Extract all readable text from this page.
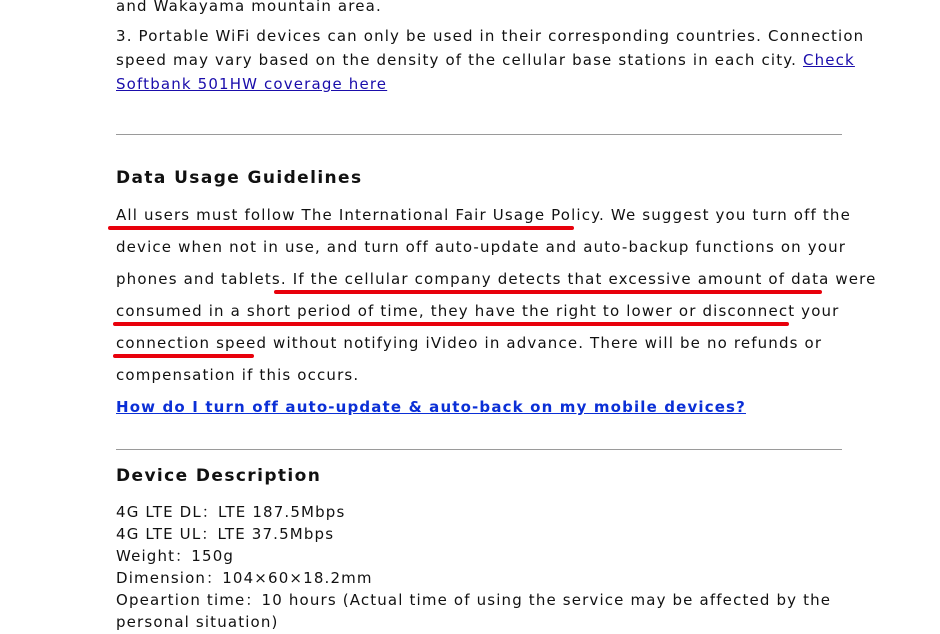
and Wakayama mountain area.

3. Portable WiFi devices can only be used in their corresponding countries. Connection

speed may vary based on the density of the cellular base stations in each city. Check

Softbank 501HW coverage here

Data Usage Guidelines

All users must follow The International Fair Usage Policy. We suggest you turn off the

device when not in use, and turn off auto-update and auto-backup functions on your

phones and tablets. If the cellular company detects that excessive amount of data were

consumed in a short period of time, they have the right to lower or disconnect your

connection speed without notifying iVideo in advance. There will be no refunds or

compensation if this occurs.

How do I turn off auto-update & auto-back on my mobile devices?

Device Description

4G LTE DL：LTE 187.5Mbps

4G LTE UL：LTE 37.5Mbps

Weight：150g

Dimension：104×60×18.2mm

Opeartion time：10 hours (Actual time of using the service may be affected by the

personal situation)
